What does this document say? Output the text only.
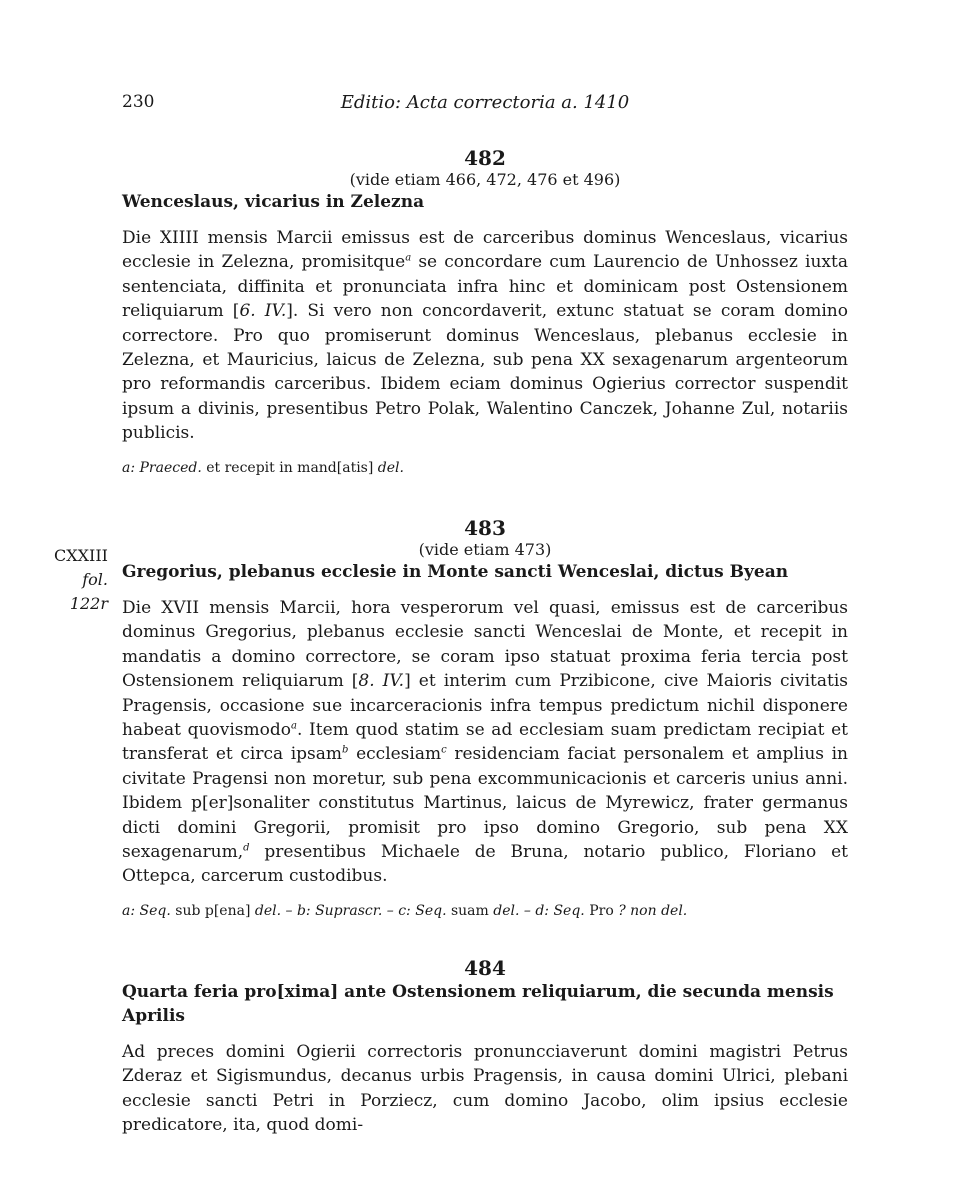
230	Editio: Acta correctoria a. 1410
482
(vide etiam 466, 472, 476 et 496)
Wenceslaus, vicarius in Zelezna

Die XIIII mensis Marcii emissus est de carceribus dominus Wenceslaus, vicarius ecclesie in Zelezna, promisitque$^a$ se concordare cum Laurencio de Unhossez iuxta sentenciata, diffinita et pronunciata infra hinc et dominicam post Ostensionem reliquiarum [6. IV.]. Si vero non concordaverit, extunc statuat se coram domino correctore. Pro quo promiserunt dominus Wenceslaus, plebanus ecclesie in Zelezna, et Mauricius, laicus de Zelezna, sub pena XX sexagenarum argenteorum pro reformandis carceribus. Ibidem eciam dominus Ogierius corrector suspendit ipsum a divinis, presentibus Petro Polak, Walentino Canczek, Johanne Zul, notariis publicis.

a: Praeced. et recepit in mand[atis] del.
CXXIII
fol. 122r
483
(vide etiam 473)
Gregorius, plebanus ecclesie in Monte sancti Wenceslai, dictus Byean

Die XVII mensis Marcii, hora vesperorum vel quasi, emissus est de carceribus dominus Gregorius, plebanus ecclesie sancti Wenceslai de Monte, et recepit in mandatis a domino correctore, se coram ipso statuat proxima feria tercia post Ostensionem reliquiarum [8. IV.] et interim cum Przibicone, cive Maioris civitatis Pragensis, occasione sue incarceracionis infra tempus predictum nichil disponere habeat quovismodo$^a$. Item quod statim se ad ecclesiam suam predictam recipiat et transferat et circa ipsam$^b$ ecclesiam$^c$ residenciam faciat personalem et amplius in civitate Pragensi non moretur, sub pena excommunicacionis et carceris unius anni. Ibidem p[er]sonaliter constitutus Martinus, laicus de Myrewicz, frater germanus dicti domini Gregorii, promisit pro ipso domino Gregorio, sub pena XX sexagenarum,$^d$ presentibus Michaele de Bruna, notario publico, Floriano et Ottepca, carcerum custodibus.

a: Seq. sub p[ena] del. – b: Suprascr. – c: Seq. suam del. – d: Seq. Pro ? non del.
484
Quarta feria pro[xima] ante Ostensionem reliquiarum, die secunda mensis Aprilis

Ad preces domini Ogierii correctoris pronuncciaverunt domini magistri Petrus Zderaz et Sigismundus, decanus urbis Pragensis, in causa domini Ulrici, plebani ecclesie sancti Petri in Porziecz, cum domino Jacobo, olim ipsius ecclesie predicatore, ita, quod domi-
